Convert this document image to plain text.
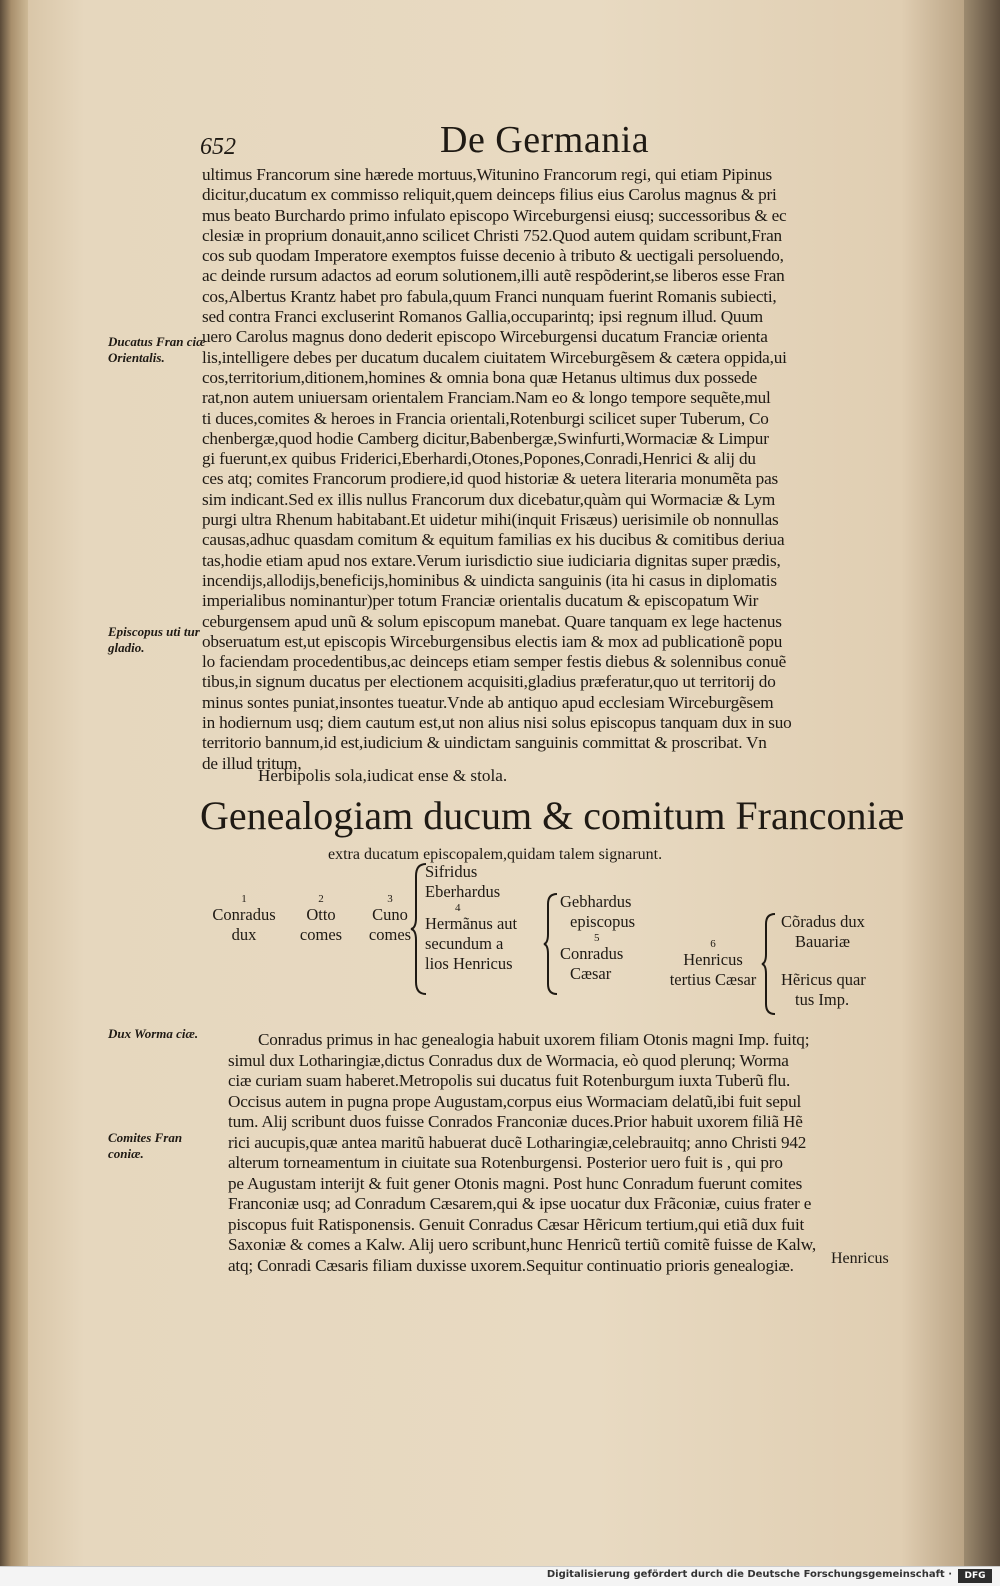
652	De Germania
Ducatus Fran ciæ Orientalis.
Episcopus uti tur gladio.
Dux Worma ciæ.
Comites Fran coniæ.
ultimus Francorum sine hærede mortuus,Witunino Francorum regi, qui etiam Pipinus
dicitur,ducatum ex commisso reliquit,quem deinceps filius eius Carolus magnus & pri
mus beato Burchardo primo infulato episcopo Wirceburgensi eiusq; successoribus & ec
clesiæ in proprium donauit,anno scilicet Christi 752.Quod autem quidam scribunt,Fran
cos sub quodam Imperatore exemptos fuisse decenio à tributo & uectigali persoluendo,
ac deinde rursum adactos ad eorum solutionem,illi autẽ respõderint,se liberos esse Fran
cos,Albertus Krantz habet pro fabula,quum Franci nunquam fuerint Romanis subiecti,
sed contra Franci excluserint Romanos Gallia,occuparintq; ipsi regnum illud. Quum
uero Carolus magnus dono dederit episcopo Wirceburgensi ducatum Franciæ orienta
lis,intelligere debes per ducatum ducalem ciuitatem Wirceburgẽsem & cætera oppida,ui
cos,territorium,ditionem,homines & omnia bona quæ Hetanus ultimus dux possede
rat,non autem uniuersam orientalem Franciam.Nam eo & longo tempore sequẽte,mul
ti duces,comites & heroes in Francia orientali,Rotenburgi scilicet super Tuberum, Co
chenbergæ,quod hodie Camberg dicitur,Babenbergæ,Swinfurti,Wormaciæ & Limpur
gi fuerunt,ex quibus Friderici,Eberhardi,Otones,Popones,Conradi,Henrici & alij du
ces atq; comites Francorum prodiere,id quod historiæ & uetera literaria monumẽta pas
sim indicant.Sed ex illis nullus Francorum dux dicebatur,quàm qui Wormaciæ & Lym
purgi ultra Rhenum habitabant.Et uidetur mihi(inquit Frisæus) uerisimile ob nonnullas
causas,adhuc quasdam comitum & equitum familias ex his ducibus & comitibus deriua
tas,hodie etiam apud nos extare.Verum iurisdictio siue iudiciaria dignitas super prædis,
incendijs,allodijs,beneficijs,hominibus & uindicta sanguinis (ita hi casus in diplomatis
imperialibus nominantur)per totum Franciæ orientalis ducatum & episcopatum Wir
ceburgensem apud unũ & solum episcopum manebat. Quare tanquam ex lege hactenus
obseruatum est,ut episcopis Wirceburgensibus electis iam & mox ad publicationẽ popu
lo faciendam procedentibus,ac deinceps etiam semper festis diebus & solennibus conuẽ
tibus,in signum ducatus per electionem acquisiti,gladius præferatur,quo ut territorij do
minus sontes puniat,insontes tueatur.Vnde ab antiquo apud ecclesiam Wirceburgẽsem
in hodiernum usq; diem cautum est,ut non alius nisi solus episcopus tanquam dux in suo
territorio bannum,id est,iudicium & uindictam sanguinis committat & proscribat. Vn
de illud tritum,
Herbipolis sola,iudicat ense & stola.
Genealogiam ducum & comitum Franconiæ
extra ducatum episcopalem,quidam talem signarunt.
1
Conradus
dux
2
Otto
comes
3
Cuno
comes
Sifridus
Eberhardus
4
Hermãnus aut
secundum a
lios Henricus
Gebhardus
episcopus
5
Conradus
Cæsar
6
Henricus
tertius Cæsar
Cõradus dux
Bauariæ
Hẽricus quar
tus Imp.
Conradus primus in hac genealogia habuit uxorem filiam Otonis magni Imp. fuitq;
simul dux Lotharingiæ,dictus Conradus dux de Wormacia, eò quod plerunq; Worma
ciæ curiam suam haberet.Metropolis sui ducatus fuit Rotenburgum iuxta Tuberũ flu.
Occisus autem in pugna prope Augustam,corpus eius Wormaciam delatũ,ibi fuit sepul
tum. Alij scribunt duos fuisse Conrados Franconiæ duces.Prior habuit uxorem filiã Hẽ
rici aucupis,quæ antea maritũ habuerat ducẽ Lotharingiæ,celebrauitq; anno Christi 942
alterum torneamentum in ciuitate sua Rotenburgensi. Posterior uero fuit is , qui pro
pe Augustam interijt & fuit gener Otonis magni. Post hunc Conradum fuerunt comites
Franconiæ usq; ad Conradum Cæsarem,qui & ipse uocatur dux Frãconiæ, cuius frater e
piscopus fuit Ratisponensis. Genuit Conradus Cæsar Hẽricum tertium,qui etiã dux fuit
Saxoniæ & comes a Kalw. Alij uero scribunt,hunc Henricũ tertiũ comitẽ fuisse de Kalw,
atq; Conradi Cæsaris filiam duxisse uxorem.Sequitur continuatio prioris genealogiæ.	Henricus
Digitalisierung gefördert durch die Deutsche Forschungsgemeinschaft ·	DFG
